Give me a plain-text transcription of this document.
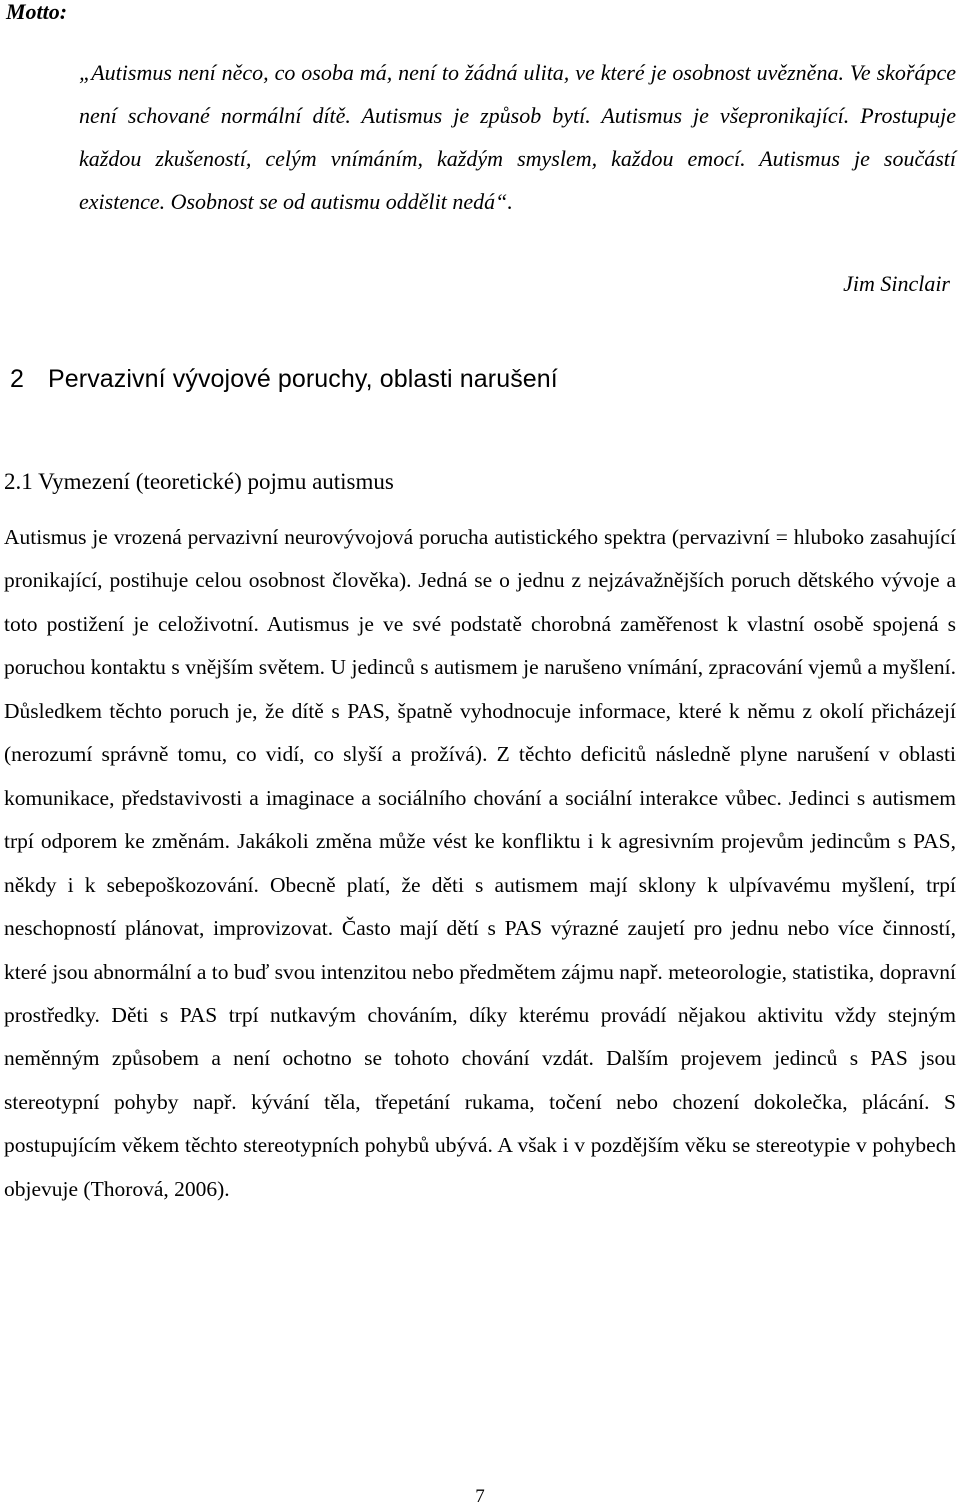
Motto:

„Autismus není něco, co osoba má, není to žádná ulita, ve které je osobnost uvězněna. Ve skořápce není schované normální dítě. Autismus je způsob bytí. Autismus je všepronikající. Prostupuje každou zkušeností, celým vnímáním, každým smyslem, každou emocí. Autismus je součástí existence. Osobnost se od autismu oddělit nedá“.

Jim Sinclair

2 Pervazivní vývojové poruchy, oblasti narušení
2.1 Vymezení (teoretické) pojmu autismus

Autismus je vrozená pervazivní neurovývojová porucha autistického spektra (pervazivní = hluboko zasahující pronikající, postihuje celou osobnost člověka). Jedná se o jednu z nejzávažnějších poruch dětského vývoje a toto postižení je celoživotní. Autismus je ve své podstatě chorobná zaměřenost k vlastní osobě spojená s poruchou kontaktu s vnějším světem. U jedinců s autismem je narušeno vnímání, zpracování vjemů a myšlení. Důsledkem těchto poruch je, že dítě s PAS, špatně vyhodnocuje informace, které k němu z okolí přicházejí (nerozumí správně tomu, co vidí, co slyší a prožívá). Z těchto deficitů následně plyne narušení v oblasti komunikace, představivosti a imaginace a sociálního chování a sociální interakce vůbec. Jedinci s autismem trpí odporem ke změnám. Jakákoli změna může vést ke konfliktu i k agresivním projevům jedincům s PAS, někdy i k sebepoškozování. Obecně platí, že děti s autismem mají sklony k ulpívavému myšlení, trpí neschopností plánovat, improvizovat. Často mají dětí s PAS výrazné zaujetí pro jednu nebo více činností, které jsou abnormální a to buď svou intenzitou nebo předmětem zájmu např. meteorologie, statistika, dopravní prostředky. Děti s PAS trpí nutkavým chováním, díky kterému provádí nějakou aktivitu vždy stejným neměnným způsobem a není ochotno se tohoto chování vzdát. Dalším projevem jedinců s PAS jsou stereotypní pohyby např. kývání těla, třepetání rukama, točení nebo chození dokolečka, plácání. S postupujícím věkem těchto stereotypních pohybů ubývá. A však i v pozdějším věku se stereotypie v pohybech objevuje (Thorová, 2006).

7
